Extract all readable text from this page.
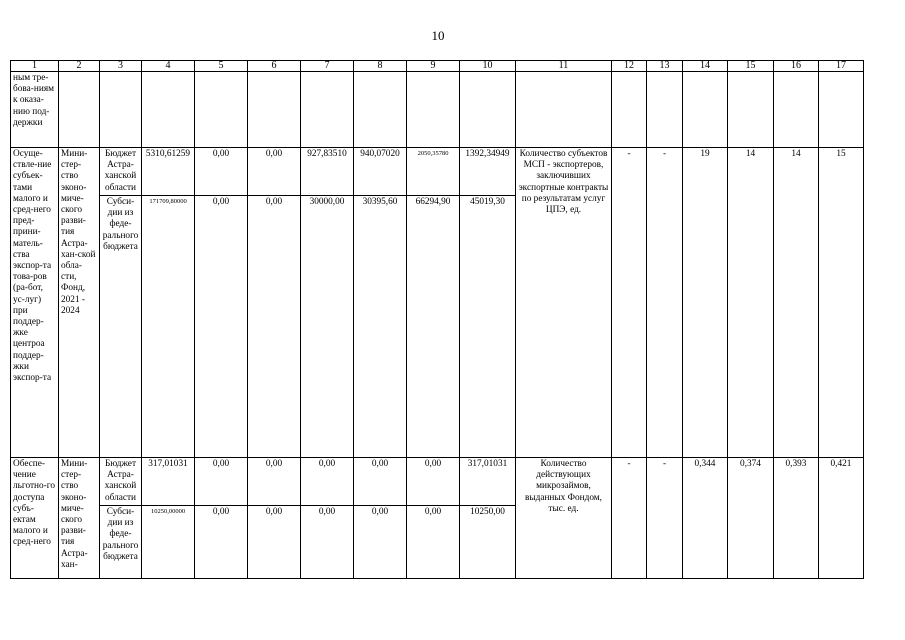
10
1	2	3	4	5	6	7	8	9	10	11	12	13	14	15	16	17
ным тре-бова-ниям к оказа-нию под-держки																
Осуще-ствле-ние субъек-тами малого и сред-него пред-прини-матель-ства экспор-та това-ров (ра-бот, ус-луг) при поддер-жке центроа поддер-жки экспор-та	Мини-стер-ство эконо-миче-ского разви-тия Астра-хан-ской обла-сти, Фонд, 2021 - 2024	Бюджет Астра-ханской области	5310,61259	0,00	0,00	927,83510	940,07020	2050,35780	1392,34949	Количество субъектов МСП - экспортеров, заключивших экспортные контракты по результатам услуг ЦПЭ, ед.	-	-	19	14	14	15
		Субси-дии из феде-рального бюджета	171709,80000	0,00	0,00	30000,00	30395,60	66294,90	45019,30							
Обеспе-чение льготно-го доступа субъ-ектам малого и сред-него	Мини-стер-ство эконо-миче-ского разви-тия Астра-хан-	Бюджет Астра-ханской области	317,01031	0,00	0,00	0,00	0,00	0,00	317,01031	Количество действующих микрозаймов, выданных Фондом, тыс. ед.	-	-	0,344	0,374	0,393	0,421
		Субси-дии из феде-рального бюджета	10250,00000	0,00	0,00	0,00	0,00	0,00	10250,00							
